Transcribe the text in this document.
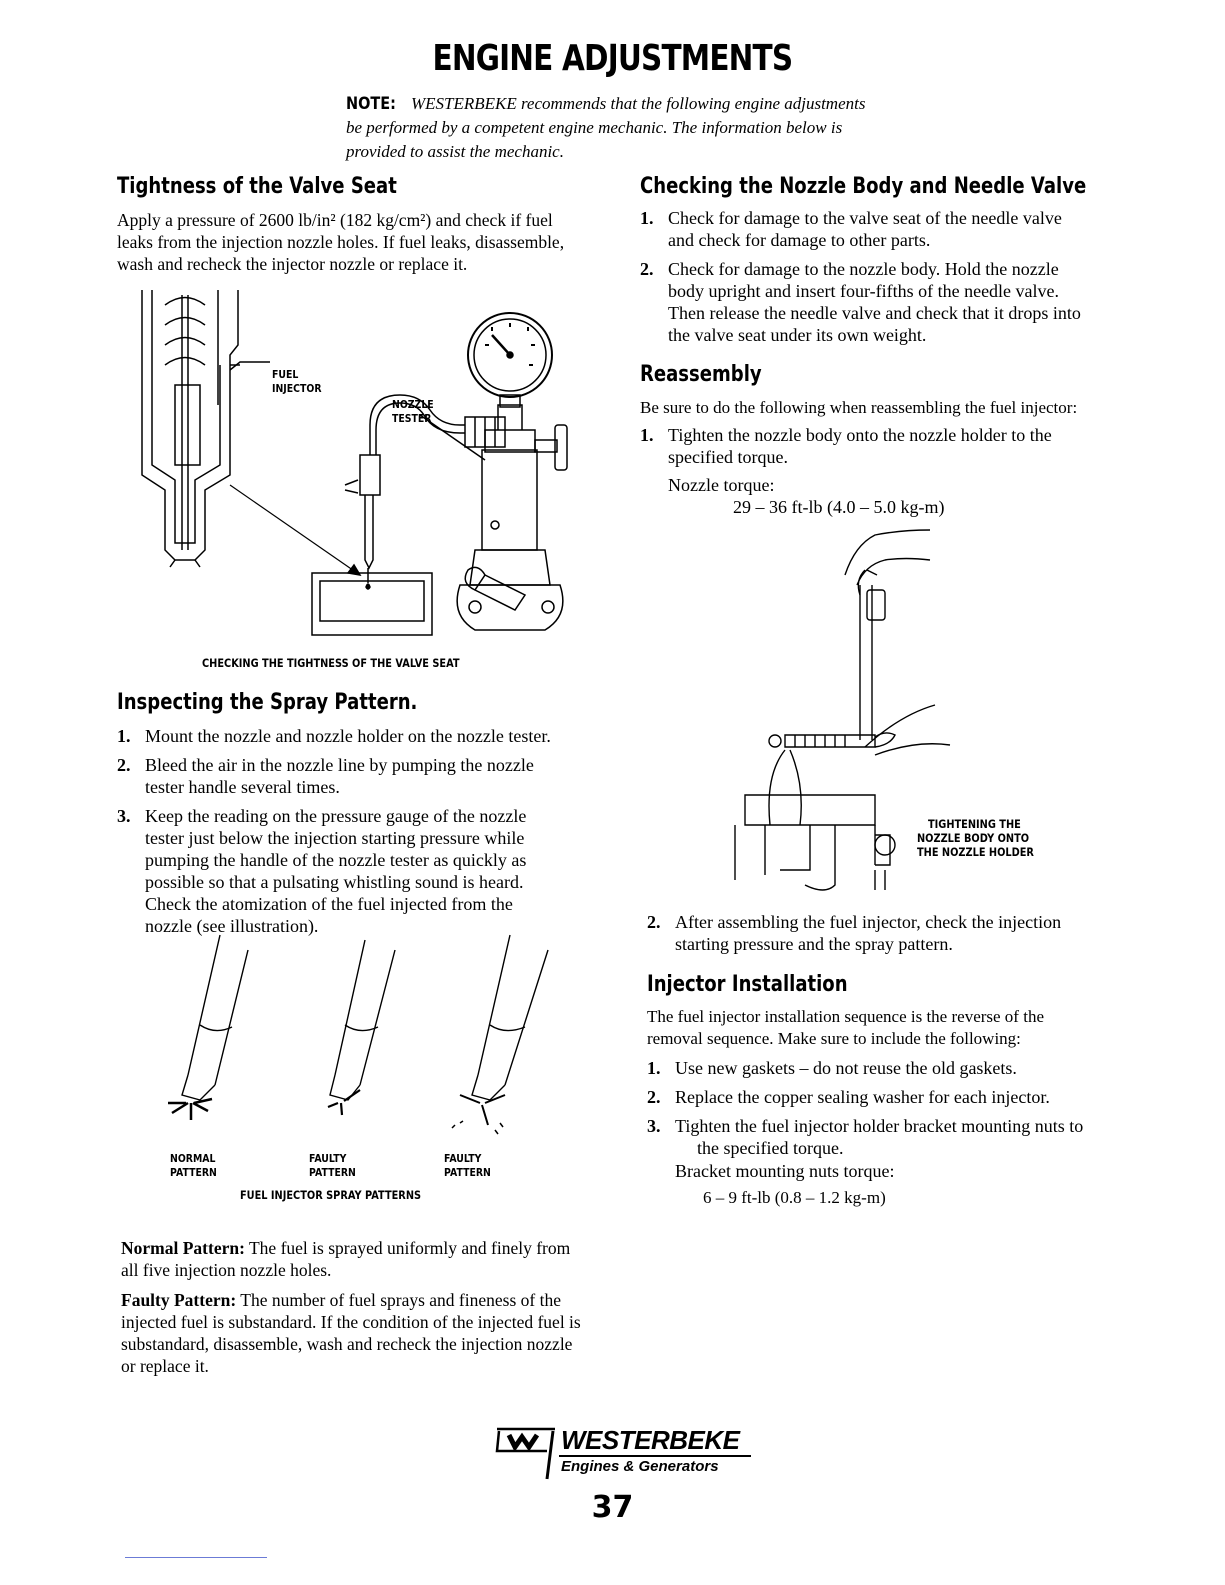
ENGINE ADJUSTMENTS
NOTE: WESTERBEKE recommends that the following engine adjustments
be performed by a competent engine mechanic. The information below is
provided to assist the mechanic.
Tightness of the Valve Seat
Apply a pressure of 2600 lb/in² (182 kg/cm²) and check if fuel
leaks from the injection nozzle holes. If fuel leaks, disassemble,
wash and recheck the injector nozzle or replace it.
FUEL
INJECTOR
NOZZLE
TESTER
CHECKING THE TIGHTNESS OF THE VALVE SEAT
Inspecting the Spray Pattern.
1. Mount the nozzle and nozzle holder on the nozzle tester.
2. Bleed the air in the nozzle line by pumping the nozzle
tester handle several times.
3. Keep the reading on the pressure gauge of the nozzle
tester just below the injection starting pressure while
pumping the handle of the nozzle tester as quickly as
possible so that a pulsating whistling sound is heard.
Check the atomization of the fuel injected from the
nozzle (see illustration).
NORMAL
PATTERN
FAULTY
PATTERN
FAULTY
PATTERN
FUEL INJECTOR SPRAY PATTERNS
Normal Pattern: The fuel is sprayed uniformly and finely from
all five injection nozzle holes.
Faulty Pattern: The number of fuel sprays and fineness of the
injected fuel is substandard. If the condition of the injected fuel is
substandard, disassemble, wash and recheck the injection nozzle
or replace it.
Checking the Nozzle Body and Needle Valve
1. Check for damage to the valve seat of the needle valve
and check for damage to other parts.
2. Check for damage to the nozzle body. Hold the nozzle
body upright and insert four-fifths of the needle valve.
Then release the needle valve and check that it drops into
the valve seat under its own weight.
Reassembly
Be sure to do the following when reassembling the fuel injector:
1. Tighten the nozzle body onto the nozzle holder to the
specified torque.
Nozzle torque:
29 – 36 ft-lb (4.0 – 5.0 kg-m)
TIGHTENING THE
NOZZLE BODY ONTO
THE NOZZLE HOLDER
2. After assembling the fuel injector, check the injection
starting pressure and the spray pattern.
Injector Installation
The fuel injector installation sequence is the reverse of the
removal sequence. Make sure to include the following:
1. Use new gaskets – do not reuse the old gaskets.
2. Replace the copper sealing washer for each injector.
3. Tighten the fuel injector holder bracket mounting nuts to
the specified torque.
Bracket mounting nuts torque:
6 – 9 ft-lb (0.8 – 1.2 kg-m)
WESTERBEKE
Engines & Generators
37
